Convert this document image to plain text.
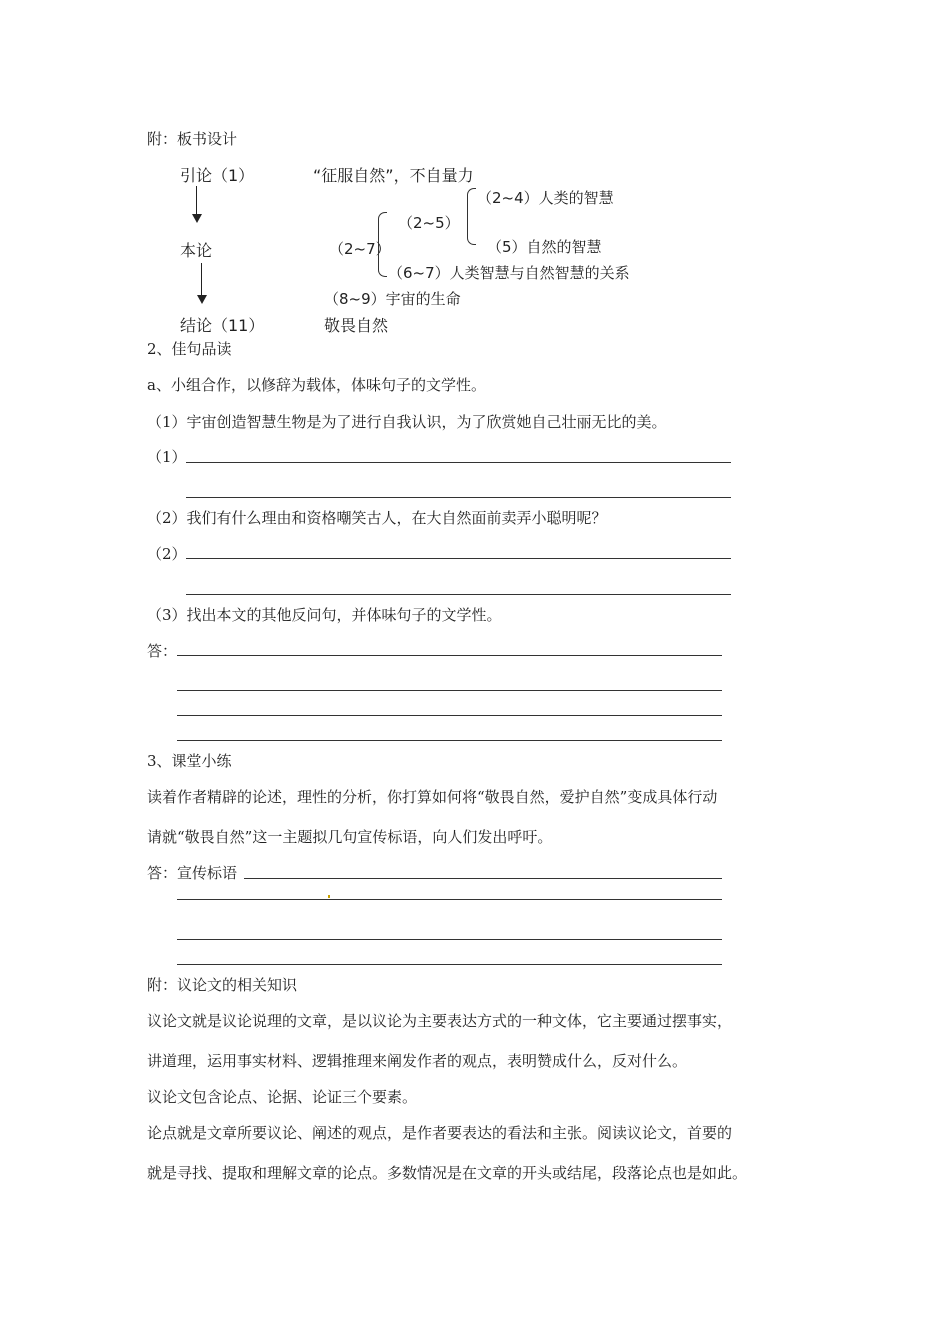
附：板书设计
引论（1）	“征服自然”，不自量力
本论	（2~7）
（2~5）
（2~4）人类的智慧
（5）自然的智慧
（6~7）人类智慧与自然智慧的关系
（8~9）宇宙的生命
结论（11）	敬畏自然
2、佳句品读
a、小组合作，以修辞为载体，体味句子的文学性。
（1）宇宙创造智慧生物是为了进行自我认识，为了欣赏她自己壮丽无比的美。
（1）
（2）我们有什么理由和资格嘲笑古人，在大自然面前卖弄小聪明呢？
（2）
（3）找出本文的其他反问句，并体味句子的文学性。
答：
3、课堂小练
读着作者精辟的论述，理性的分析，你打算如何将“敬畏自然，爱护自然”变成具体行动
请就“敬畏自然”这一主题拟几句宣传标语，向人们发出呼吁。
答：宣传标语
附：议论文的相关知识
议论文就是议论说理的文章，是以议论为主要表达方式的一种文体，它主要通过摆事实，
讲道理，运用事实材料、逻辑推理来阐发作者的观点，表明赞成什么，反对什么。
议论文包含论点、论据、论证三个要素。
论点就是文章所要议论、阐述的观点，是作者要表达的看法和主张。阅读议论文，首要的
就是寻找、提取和理解文章的论点。多数情况是在文章的开头或结尾，段落论点也是如此。
